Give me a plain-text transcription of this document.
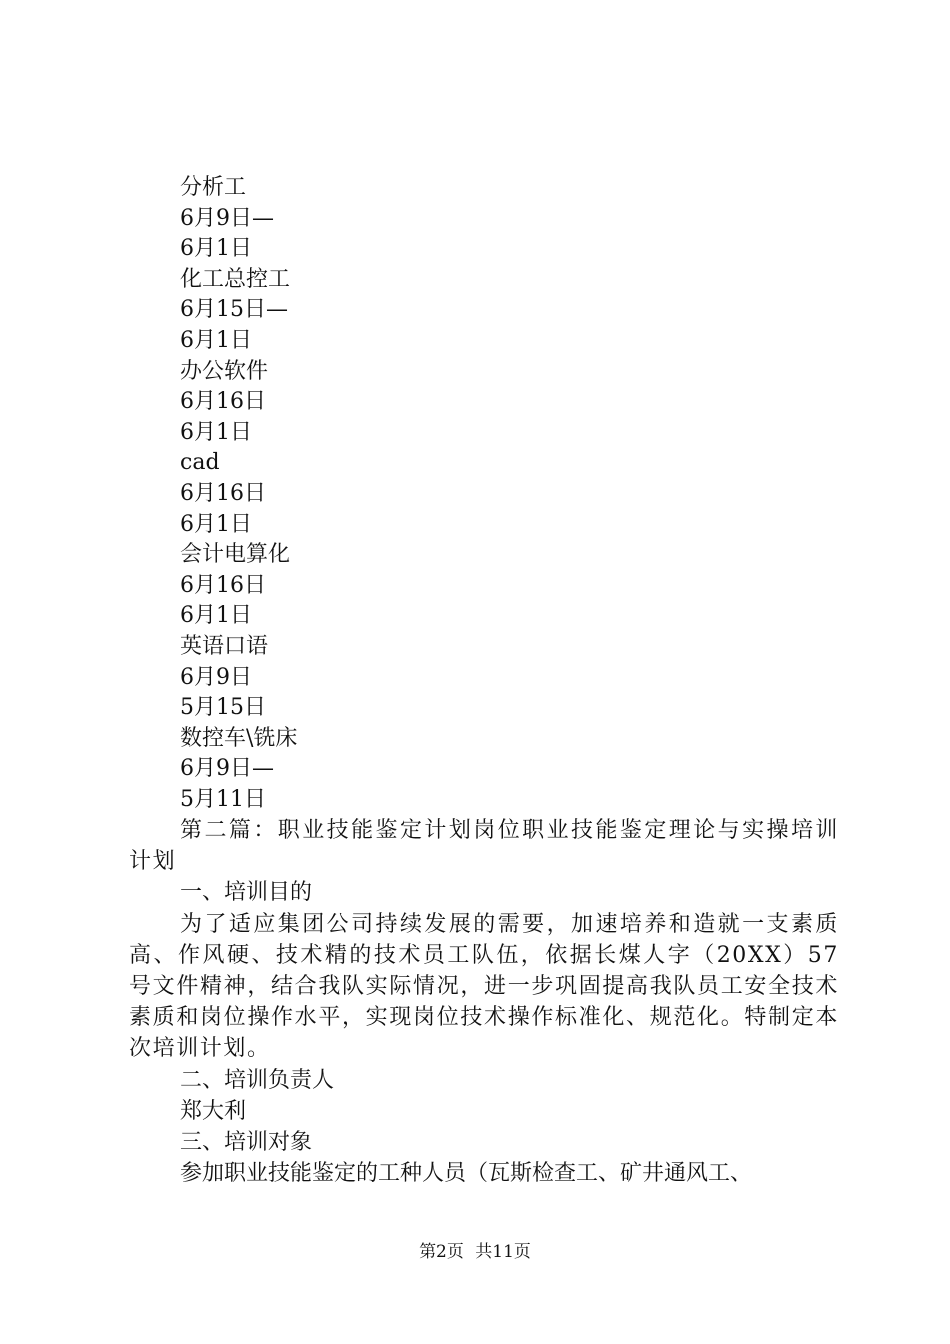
分析工
6月9日—
6月1日
化工总控工
6月15日—
6月1日
办公软件
6月16日
6月1日
cad
6月16日
6月1日
会计电算化
6月16日
6月1日
英语口语
6月9日
5月15日
数控车\铣床
6月9日—
5月11日

第二篇：职业技能鉴定计划岗位职业技能鉴定理论与实操培训计划

一、培训目的

为了适应集团公司持续发展的需要，加速培养和造就一支素质高、作风硬、技术精的技术员工队伍，依据长煤人字（20XX）57号文件精神，结合我队实际情况，进一步巩固提高我队员工安全技术素质和岗位操作水平，实现岗位技术操作标准化、规范化。特制定本次培训计划。

二、培训负责人

郑大利

三、培训对象

参加职业技能鉴定的工种人员（瓦斯检查工、矿井通风工、

第2页 共11页
